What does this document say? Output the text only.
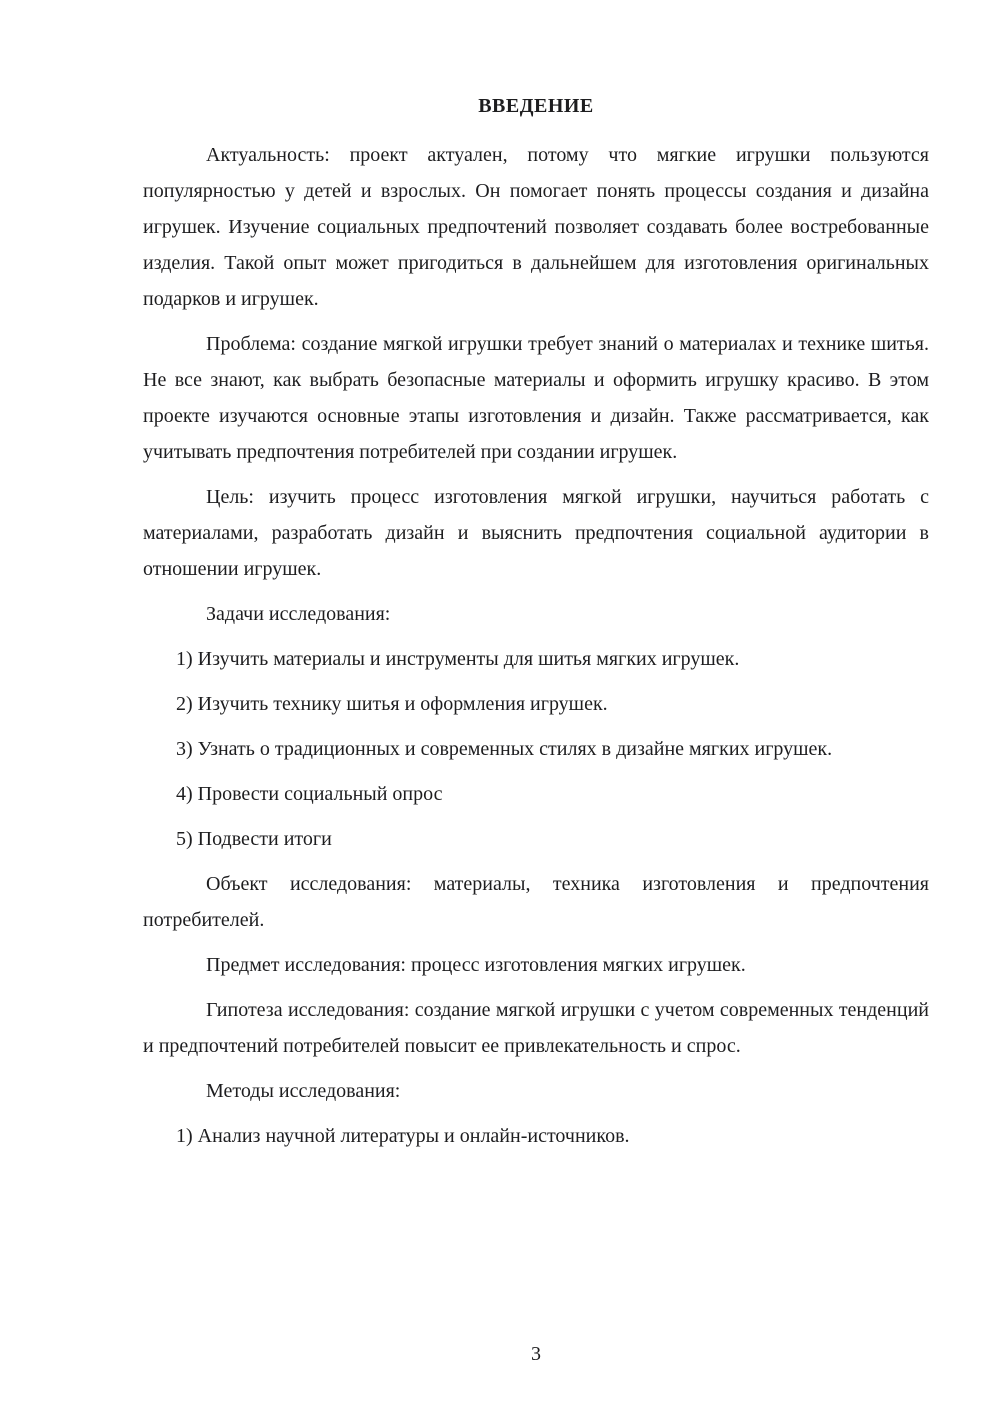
ВВЕДЕНИЕ

Актуальность: проект актуален, потому что мягкие игрушки пользуются популярностью у детей и взрослых. Он помогает понять процессы создания и дизайна игрушек. Изучение социальных предпочтений позволяет создавать более востребованные изделия. Такой опыт может пригодиться в дальнейшем для изготовления оригинальных подарков и игрушек.

Проблема: создание мягкой игрушки требует знаний о материалах и технике шитья. Не все знают, как выбрать безопасные материалы и оформить игрушку красиво. В этом проекте изучаются основные этапы изготовления и дизайн. Также рассматривается, как учитывать предпочтения потребителей при создании игрушек.

Цель: изучить процесс изготовления мягкой игрушки, научиться работать с материалами, разработать дизайн и выяснить предпочтения социальной аудитории в отношении игрушек.

Задачи исследования:

1) Изучить материалы и инструменты для шитья мягких игрушек.

2) Изучить технику шитья и оформления игрушек.

3) Узнать о традиционных и современных стилях в дизайне мягких игрушек.

4) Провести социальный опрос

5) Подвести итоги

Объект исследования: материалы, техника изготовления и предпочтения потребителей.

Предмет исследования: процесс изготовления мягких игрушек.

Гипотеза исследования: создание мягкой игрушки с учетом современных тенденций и предпочтений потребителей повысит ее привлекательность и спрос.

Методы исследования:

1) Анализ научной литературы и онлайн-источников.

3
